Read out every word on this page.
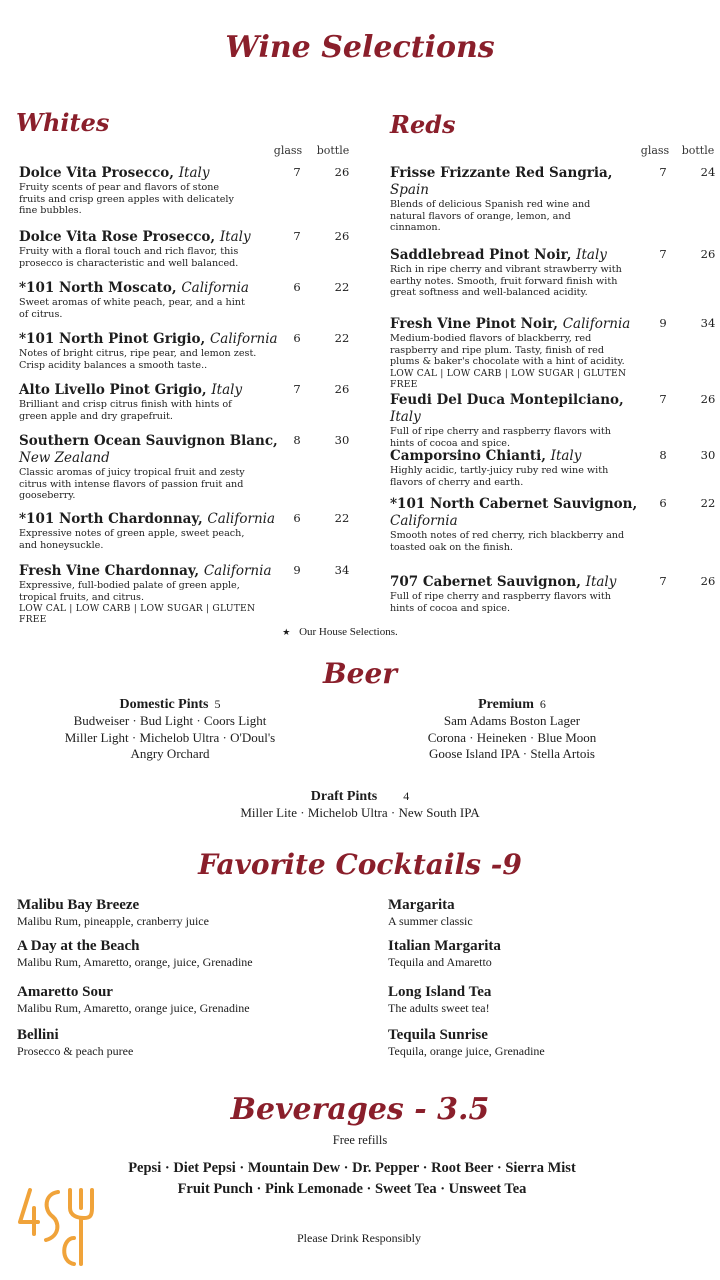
Wine Selections
Whites
glass	bottle
Reds
glass	bottle
Dolce Vita Prosecco, Italy
Fruity scents of pear and flavors of stone
fruits and crisp green apples with delicately
fine bubbles.
7	26
Dolce Vita Rose Prosecco, Italy
Fruity with a floral touch and rich flavor, this
prosecco is characteristic and well balanced.
7	26
*101 North Moscato, California
Sweet aromas of white peach, pear, and a hint
of citrus.
6	22
*101 North Pinot Grigio, California
Notes of bright citrus, ripe pear, and lemon zest.
Crisp acidity balances a smooth taste..
6	22
Alto Livello Pinot Grigio, Italy
Brilliant and crisp citrus finish with hints of
green apple and dry grapefruit.
7	26
Southern Ocean Sauvignon Blanc, New Zealand
Classic aromas of juicy tropical fruit and zesty
citrus with intense flavors of passion fruit and
gooseberry.
8	30
*101 North Chardonnay, California
Expressive notes of green apple, sweet peach,
and honeysuckle.
6	22
Fresh Vine Chardonnay, California
Expressive, full-bodied palate of green apple,
tropical fruits, and citrus.
LOW CAL | LOW CARB | LOW SUGAR | GLUTEN FREE
9	34
Frisse Frizzante Red Sangria, Spain
Blends of delicious Spanish red wine and
natural flavors of orange, lemon, and
cinnamon.
7	24
Saddlebread Pinot Noir, Italy
Rich in ripe cherry and vibrant strawberry with
earthy notes. Smooth, fruit forward finish with
great softness and well-balanced acidity.
7	26
Fresh Vine Pinot Noir, California
Medium-bodied flavors of blackberry, red
raspberry and ripe plum. Tasty, finish of red
plums & baker's chocolate with a hint of acidity.
LOW CAL | LOW CARB | LOW SUGAR | GLUTEN FREE
9	34
Feudi Del Duca Montepilciano, Italy
Full of ripe cherry and raspberry flavors with
hints of cocoa and spice.
7	26
Camporsino Chianti, Italy
Highly acidic, tartly-juicy ruby red wine with
flavors of cherry and earth.
8	30
*101 North Cabernet Sauvignon, California
Smooth notes of red cherry, rich blackberry and
toasted oak on the finish.
6	22
707 Cabernet Sauvignon, Italy
Full of ripe cherry and raspberry flavors with
hints of cocoa and spice.
7	26
★ Our House Selections.
Beer
Domestic Pints 5
Budweiser · Bud Light · Coors Light
Miller Light · Michelob Ultra · O'Doul's
Angry Orchard
Premium 6
Sam Adams Boston Lager
Corona · Heineken · Blue Moon
Goose Island IPA · Stella Artois
Draft Pints 4
Miller Lite · Michelob Ultra · New South IPA
Favorite Cocktails -9
Malibu Bay Breeze
Malibu Rum, pineapple, cranberry juice
A Day at the Beach
Malibu Rum, Amaretto, orange, juice, Grenadine
Amaretto Sour
Malibu Rum, Amaretto, orange juice, Grenadine
Bellini
Prosecco & peach puree
Margarita
A summer classic
Italian Margarita
Tequila and Amaretto
Long Island Tea
The adults sweet tea!
Tequila Sunrise
Tequila, orange juice, Grenadine
Beverages - 3.5
Free refills
Pepsi · Diet Pepsi · Mountain Dew · Dr. Pepper · Root Beer · Sierra Mist
Fruit Punch · Pink Lemonade · Sweet Tea · Unsweet Tea
Please Drink Responsibly
